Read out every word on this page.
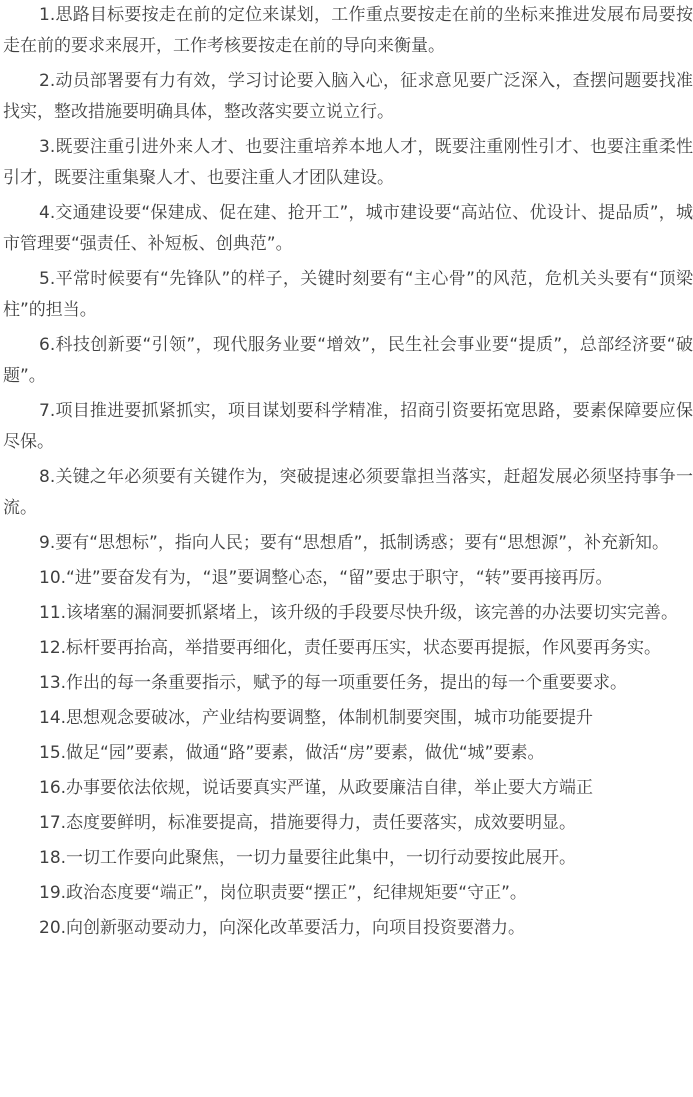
1.思路目标要按走在前的定位来谋划，工作重点要按走在前的坐标来推进发展布局要按走在前的要求来展开，工作考核要按走在前的导向来衡量。

2.动员部署要有力有效，学习讨论要入脑入心，征求意见要广泛深入，查摆问题要找准找实，整改措施要明确具体，整改落实要立说立行。

3.既要注重引进外来人才、也要注重培养本地人才，既要注重刚性引才、也要注重柔性引才，既要注重集聚人才、也要注重人才团队建设。

4.交通建设要“保建成、促在建、抢开工”，城市建设要“高站位、优设计、提品质”，城市管理要“强责任、补短板、创典范”。

5.平常时候要有“先锋队”的样子，关键时刻要有“主心骨”的风范，危机关头要有“顶梁柱”的担当。

6.科技创新要“引领”，现代服务业要“增效”，民生社会事业要“提质”，总部经济要“破题”。

7.项目推进要抓紧抓实，项目谋划要科学精准，招商引资要拓宽思路，要素保障要应保尽保。

8.关键之年必须要有关键作为，突破提速必须要靠担当落实，赶超发展必须坚持事争一流。

9.要有“思想标”，指向人民；要有“思想盾”，抵制诱惑；要有“思想源”，补充新知。

10.“进”要奋发有为，“退”要调整心态，“留”要忠于职守，“转”要再接再厉。

11.该堵塞的漏洞要抓紧堵上，该升级的手段要尽快升级，该完善的办法要切实完善。

12.标杆要再抬高，举措要再细化，责任要再压实，状态要再提振，作风要再务实。

13.作出的每一条重要指示，赋予的每一项重要任务，提出的每一个重要要求。

14.思想观念要破冰，产业结构要调整，体制机制要突围，城市功能要提升

15.做足“园”要素，做通“路”要素，做活“房”要素，做优“城”要素。

16.办事要依法依规，说话要真实严谨，从政要廉洁自律，举止要大方端正

17.态度要鲜明，标准要提高，措施要得力，责任要落实，成效要明显。

18.一切工作要向此聚焦，一切力量要往此集中，一切行动要按此展开。

19.政治态度要“端正”，岗位职责要“摆正”，纪律规矩要“守正”。

20.向创新驱动要动力，向深化改革要活力，向项目投资要潜力。
